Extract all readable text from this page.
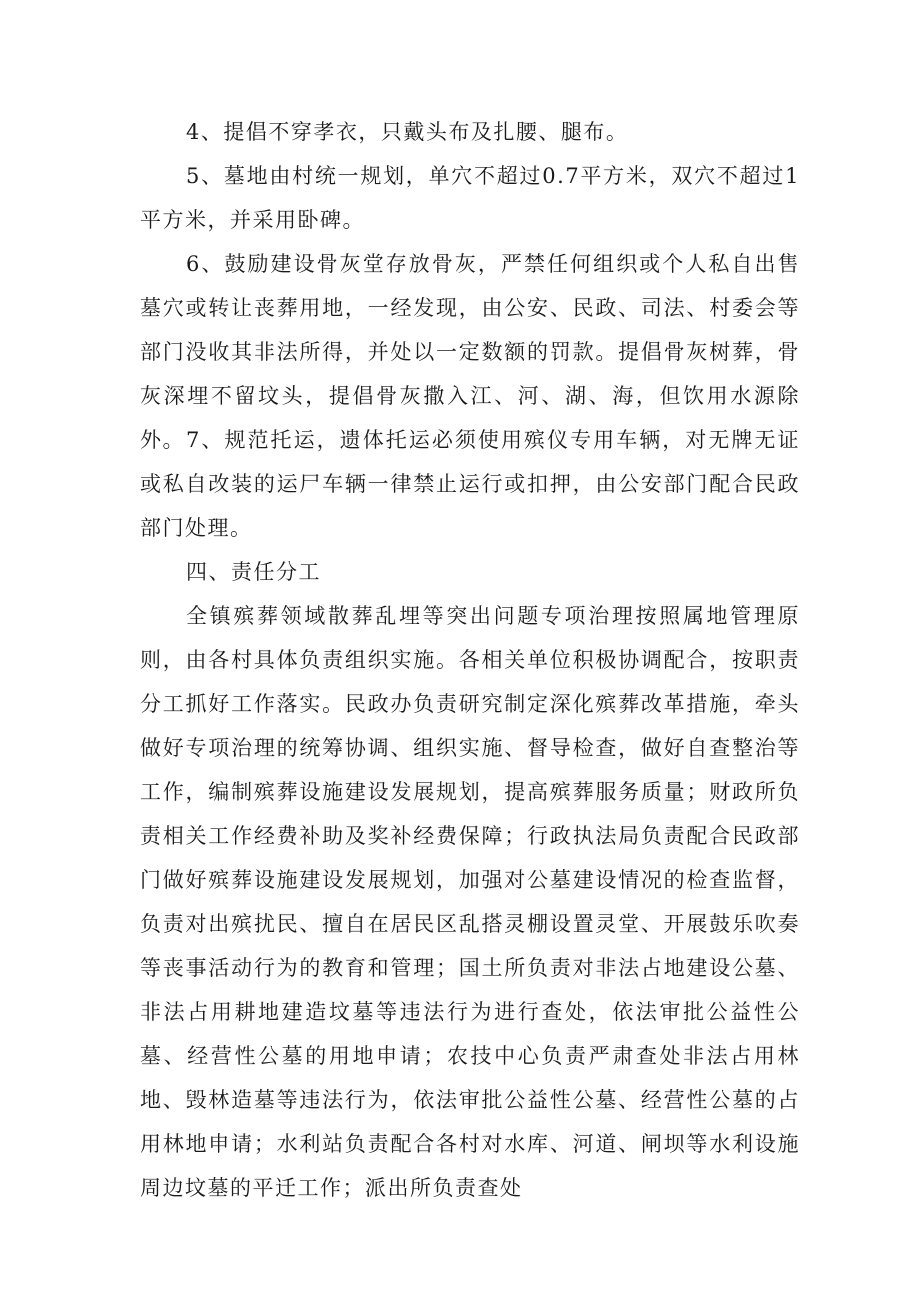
4、提倡不穿孝衣，只戴头布及扎腰、腿布。

5、墓地由村统一规划，单穴不超过0.7平方米，双穴不超过1平方米，并采用卧碑。

6、鼓励建设骨灰堂存放骨灰，严禁任何组织或个人私自出售墓穴或转让丧葬用地，一经发现，由公安、民政、司法、村委会等部门没收其非法所得，并处以一定数额的罚款。提倡骨灰树葬，骨灰深埋不留坟头，提倡骨灰撒入江、河、湖、海，但饮用水源除外。 7、规范托运，遗体托运必须使用殡仪专用车辆，对无牌无证或私自改装的运尸车辆一律禁止运行或扣押，由公安部门配合民政部门处理。

四、责任分工

全镇殡葬领域散葬乱埋等突出问题专项治理按照属地管理原则，由各村具体负责组织实施。各相关单位积极协调配合，按职责分工抓好工作落实。民政办负责研究制定深化殡葬改革措施，牵头做好专项治理的统筹协调、组织实施、督导检查，做好自查整治等工作，编制殡葬设施建设发展规划，提高殡葬服务质量；财政所负责相关工作经费补助及奖补经费保障；行政执法局负责配合民政部门做好殡葬设施建设发展规划，加强对公墓建设情况的检查监督，负责对出殡扰民、擅自在居民区乱搭灵棚设置灵堂、开展鼓乐吹奏等丧事活动行为的教育和管理；国土所负责对非法占地建设公墓、非法占用耕地建造坟墓等违法行为进行查处，依法审批公益性公墓、经营性公墓的用地申请；农技中心负责严肃查处非法占用林地、毁林造墓等违法行为，依法审批公益性公墓、经营性公墓的占用林地申请；水利站负责配合各村对水库、河道、闸坝等水利设施周边坟墓的平迁工作；派出所负责查处
